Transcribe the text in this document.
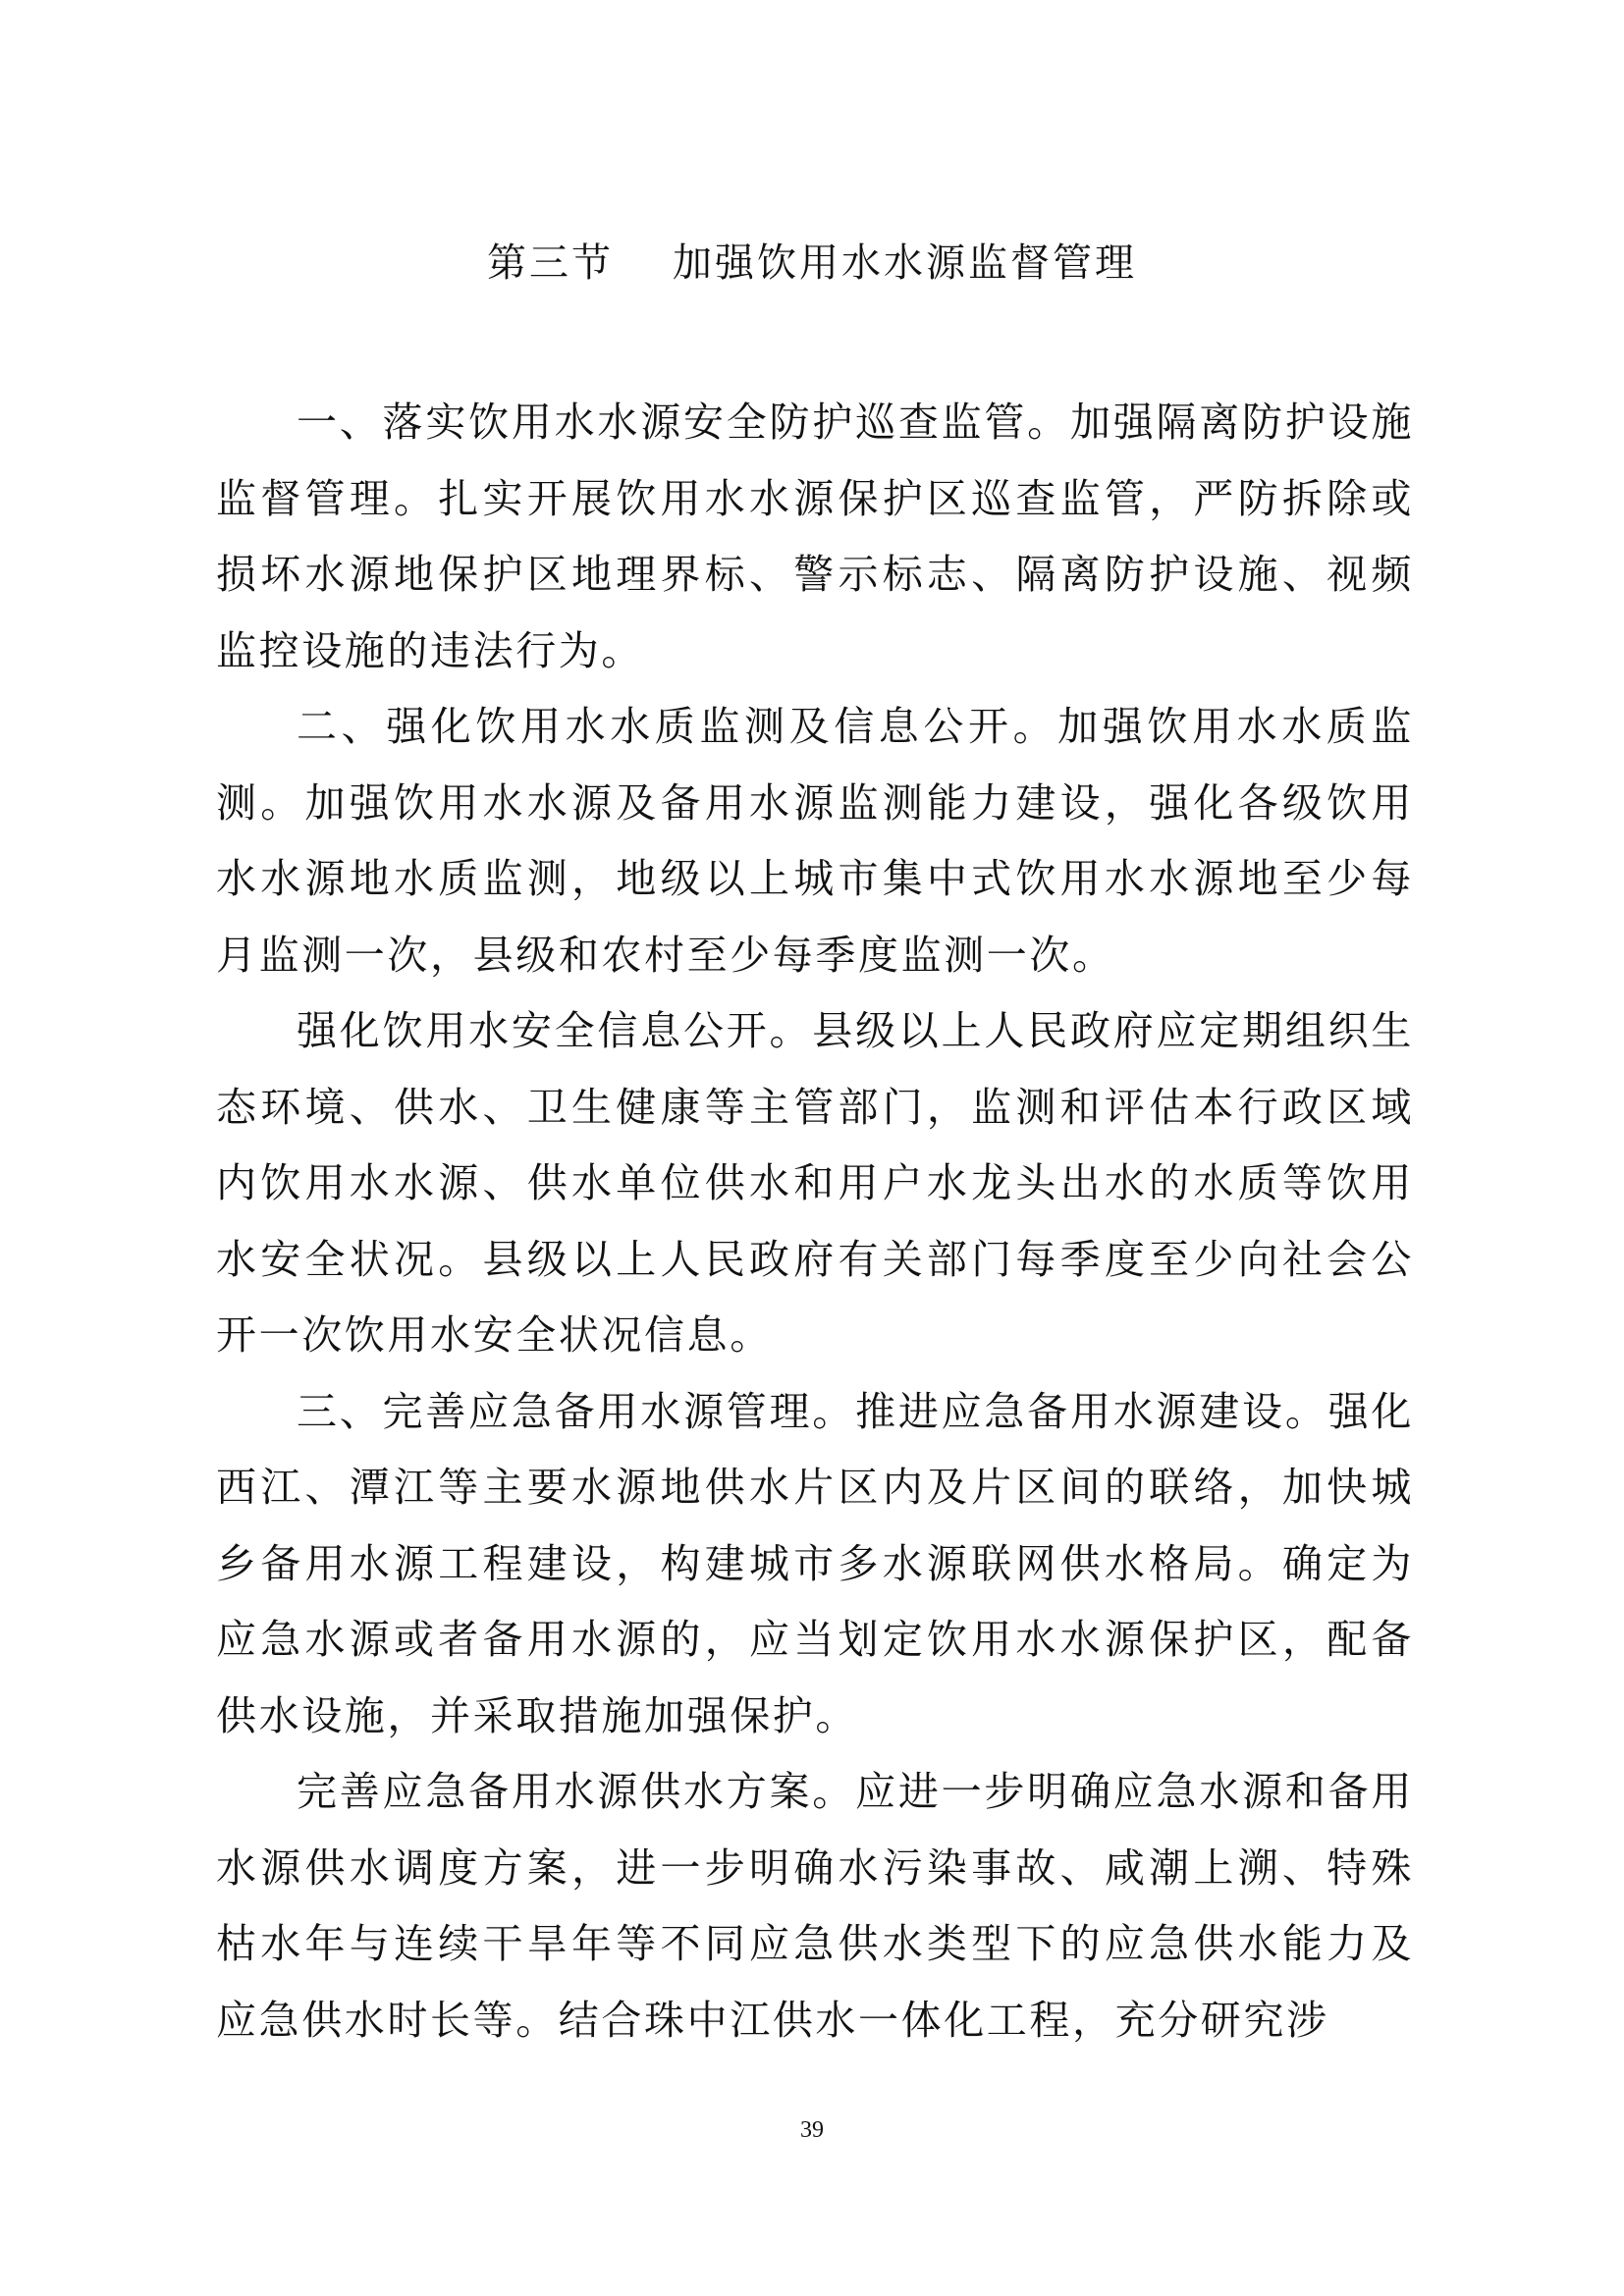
第三节 加强饮用水水源监督管理

一、落实饮用水水源安全防护巡查监管。加强隔离防护设施监督管理。扎实开展饮用水水源保护区巡查监管，严防拆除或损坏水源地保护区地理界标、警示标志、隔离防护设施、视频监控设施的违法行为。

二、强化饮用水水质监测及信息公开。加强饮用水水质监测。加强饮用水水源及备用水源监测能力建设，强化各级饮用水水源地水质监测，地级以上城市集中式饮用水水源地至少每月监测一次，县级和农村至少每季度监测一次。

强化饮用水安全信息公开。县级以上人民政府应定期组织生态环境、供水、卫生健康等主管部门，监测和评估本行政区域内饮用水水源、供水单位供水和用户水龙头出水的水质等饮用水安全状况。县级以上人民政府有关部门每季度至少向社会公开一次饮用水安全状况信息。

三、完善应急备用水源管理。推进应急备用水源建设。强化西江、潭江等主要水源地供水片区内及片区间的联络，加快城乡备用水源工程建设，构建城市多水源联网供水格局。确定为应急水源或者备用水源的，应当划定饮用水水源保护区，配备供水设施，并采取措施加强保护。

完善应急备用水源供水方案。应进一步明确应急水源和备用水源供水调度方案，进一步明确水污染事故、咸潮上溯、特殊枯水年与连续干旱年等不同应急供水类型下的应急供水能力及应急供水时长等。结合珠中江供水一体化工程，充分研究涉

39
